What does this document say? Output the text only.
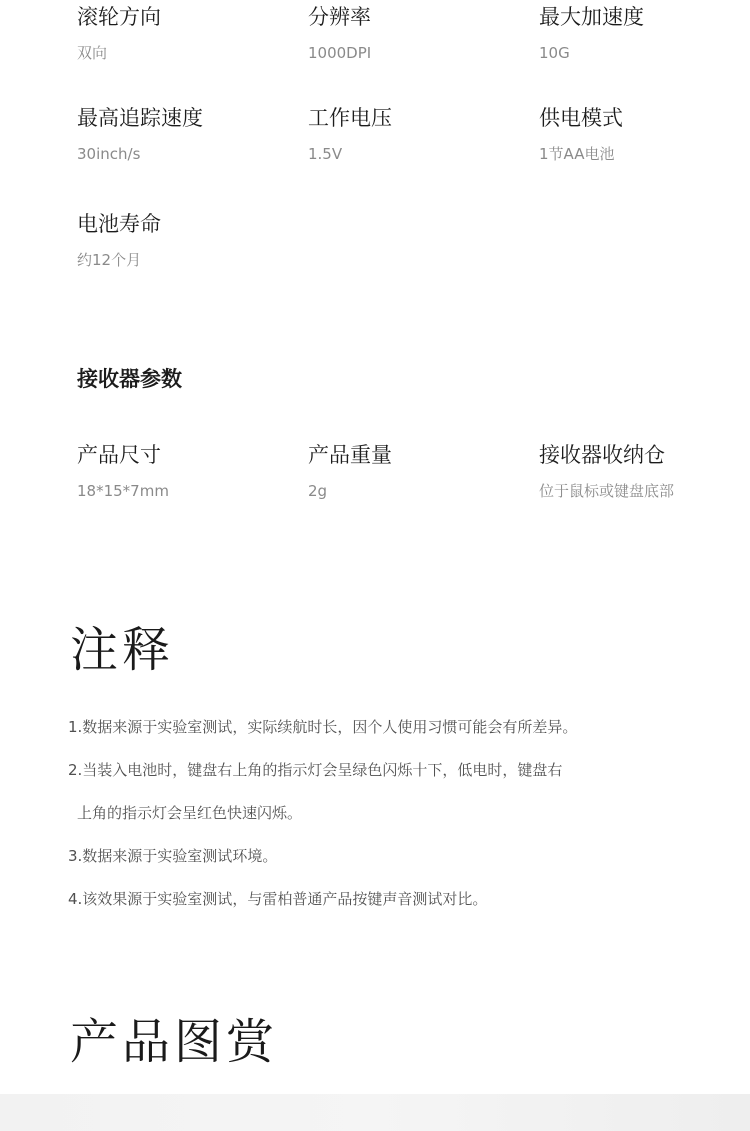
滚轮方向
双向
分辨率
1000DPI
最大加速度
10G
最高追踪速度
30inch/s
工作电压
1.5V
供电模式
1节AA电池
电池寿命
约12个月
接收器参数
产品尺寸
18*15*7mm
产品重量
2g
接收器收纳仓
位于鼠标或键盘底部
注释
1.数据来源于实验室测试，实际续航时长，因个人使用习惯可能会有所差异。
2.当装入电池时，键盘右上角的指示灯会呈绿色闪烁十下，低电时，键盘右
上角的指示灯会呈红色快速闪烁。
3.数据来源于实验室测试环境。
4.该效果源于实验室测试，与雷柏普通产品按键声音测试对比。
产品图赏
